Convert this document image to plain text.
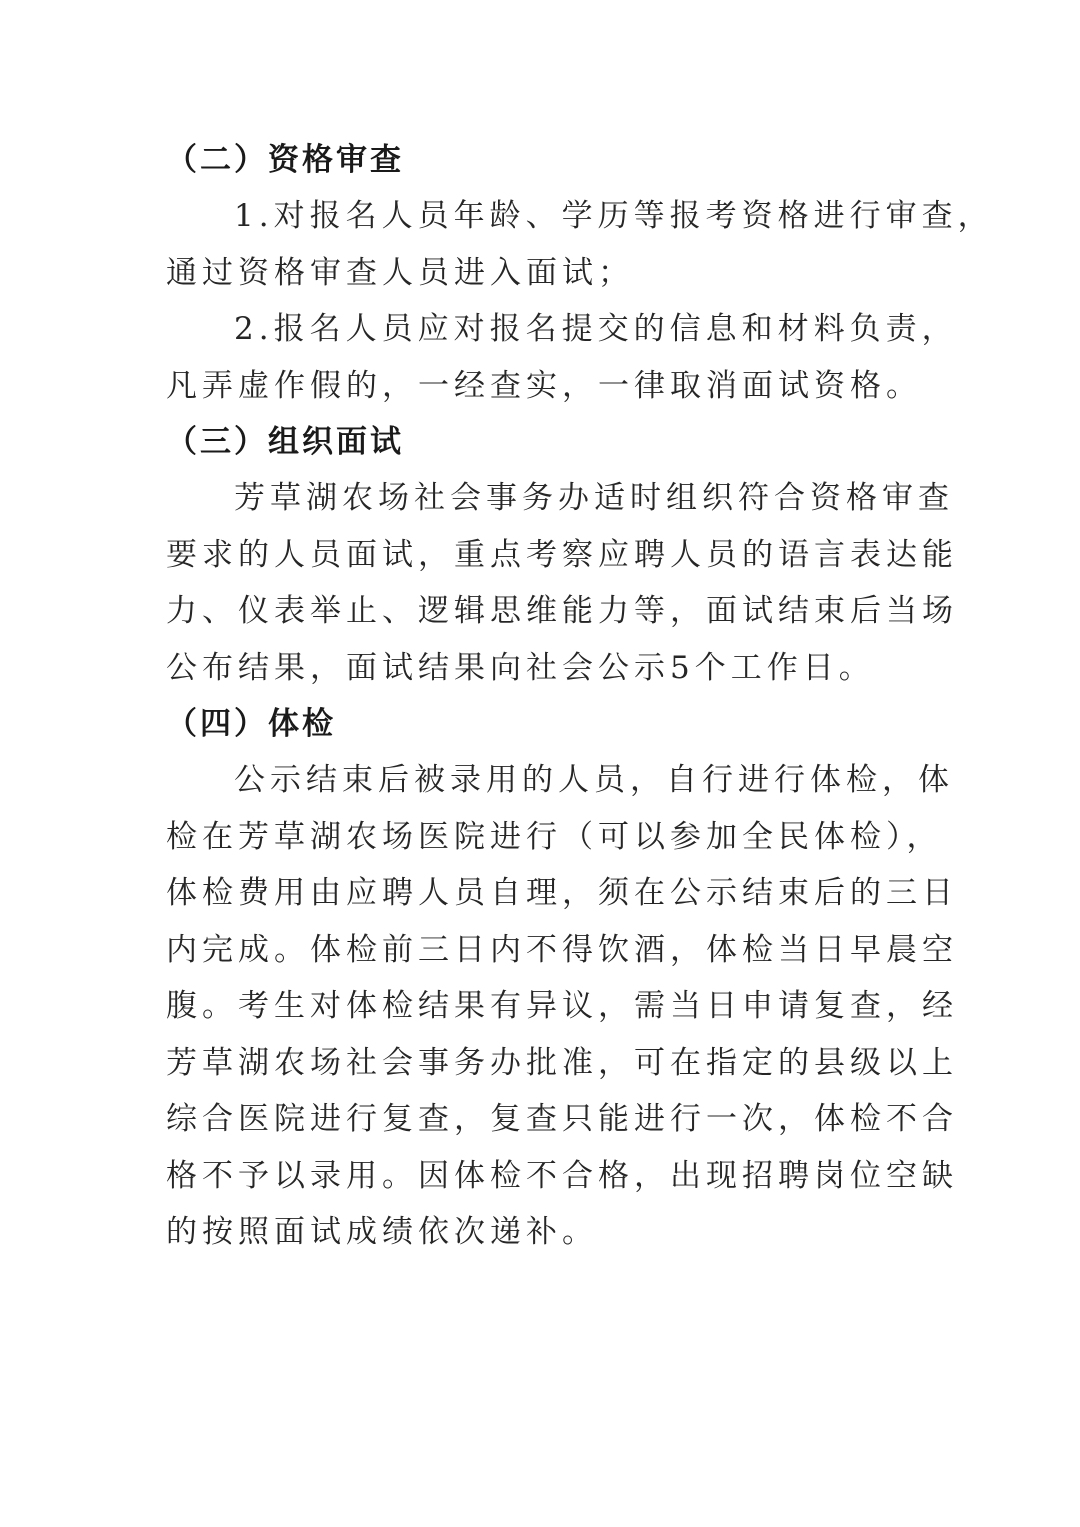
（二）资格审查

1.对报名人员年龄、学历等报考资格进行审查，
通过资格审查人员进入面试；

2.报名人员应对报名提交的信息和材料负责，
凡弄虚作假的，一经查实，一律取消面试资格。

（三）组织面试

芳草湖农场社会事务办适时组织符合资格审查
要求的人员面试，重点考察应聘人员的语言表达能
力、仪表举止、逻辑思维能力等，面试结束后当场
公布结果，面试结果向社会公示5个工作日。

（四）体检

公示结束后被录用的人员，自行进行体检，体
检在芳草湖农场医院进行（可以参加全民体检），
体检费用由应聘人员自理，须在公示结束后的三日
内完成。体检前三日内不得饮酒，体检当日早晨空
腹。考生对体检结果有异议，需当日申请复查，经
芳草湖农场社会事务办批准，可在指定的县级以上
综合医院进行复查，复查只能进行一次，体检不合
格不予以录用。因体检不合格，出现招聘岗位空缺
的按照面试成绩依次递补。
